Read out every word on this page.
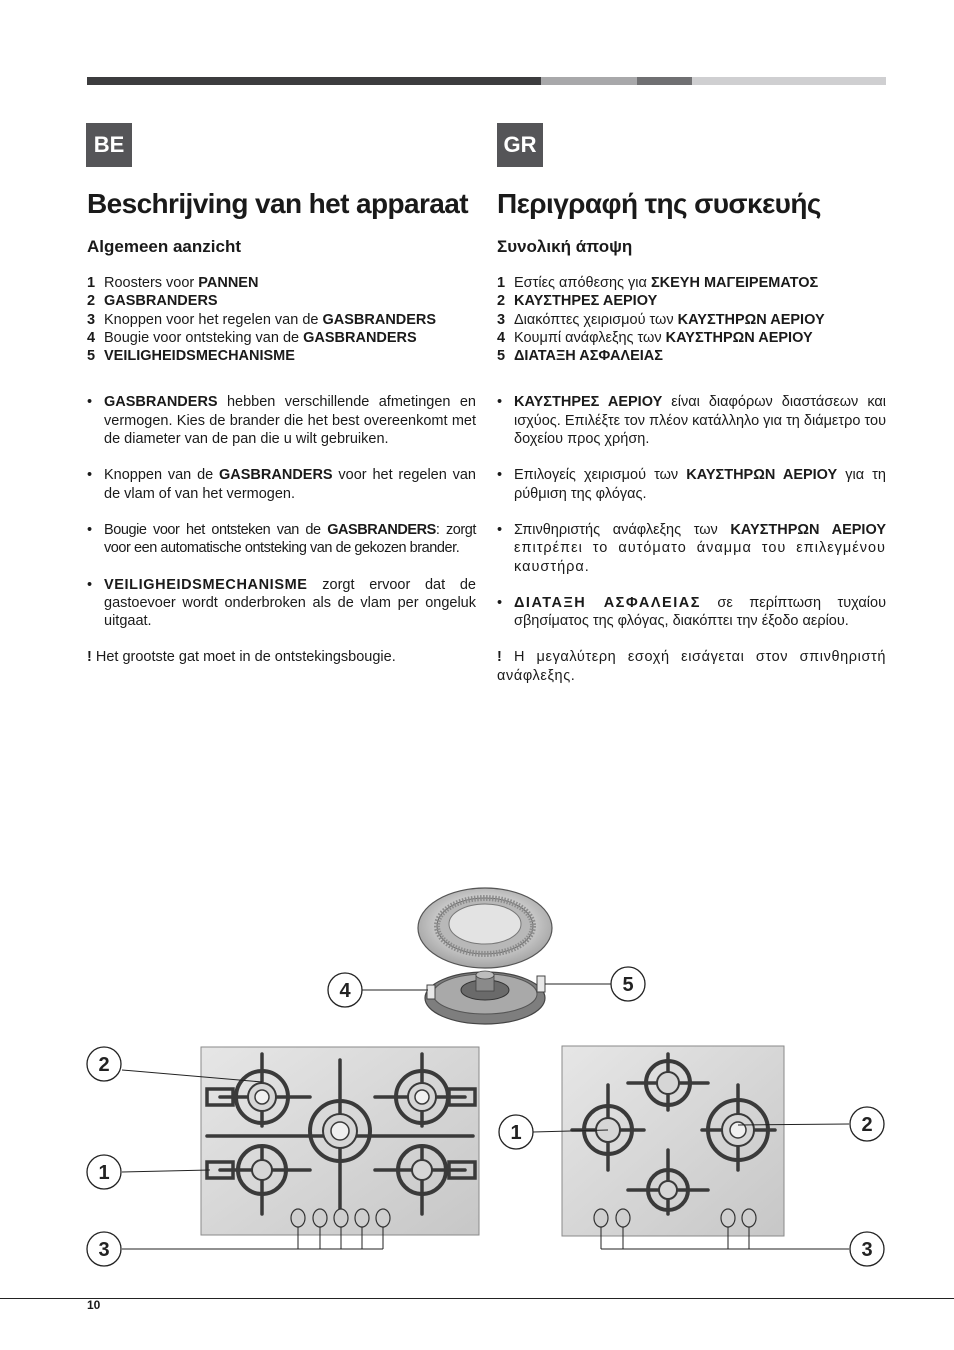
BE	GR
Beschrijving van het apparaat
Algemeen aanzicht
1 Roosters voor PANNEN
2 GASBRANDERS
3 Knoppen voor het regelen van de GASBRANDERS
4 Bougie voor ontsteking van de GASBRANDERS
5 VEILIGHEIDSMECHANISME
• GASBRANDERS hebben verschillende afmetingen en vermogen. Kies de brander die het best overeenkomt met de diameter van de pan die u wilt gebruiken.
• Knoppen van de GASBRANDERS voor het regelen van de vlam of van het vermogen.
• Bougie voor het ontsteken van de GASBRANDERS: zorgt voor een automatische ontsteking van de gekozen brander.
• VEILIGHEIDSMECHANISME zorgt ervoor dat de gastoevoer wordt onderbroken als de vlam per ongeluk uitgaat.

! Het grootste gat moet in de ontstekingsbougie.

Περιγραφή της συσκευής
Συνολική άποψη
1 Εστίες απόθεσης για ΣΚΕΥΗ ΜΑΓΕΙΡΕΜΑΤΟΣ
2 ΚΑΥΣΤΗΡΕΣ ΑΕΡΙΟΥ
3 Διακόπτες χειρισμού των ΚΑΥΣΤΗΡΩΝ ΑΕΡΙΟΥ
4 Κουμπί ανάφλεξης των ΚΑΥΣΤΗΡΩΝ ΑΕΡΙΟΥ
5 ΔΙΑΤΑΞΗ ΑΣΦΑΛΕΙΑΣ
• ΚΑΥΣΤΗΡΕΣ ΑΕΡΙΟΥ είναι διαφόρων διαστάσεων και ισχύος. Επιλέξτε τον πλέον κατάλληλο για τη διάμετρο του δοχείου προς χρήση.
• Επιλογείς χειρισμού των ΚΑΥΣΤΗΡΩΝ ΑΕΡΙΟΥ για τη ρύθμιση της φλόγας.
• Σπινθηριστής ανάφλεξης των ΚΑΥΣΤΗΡΩΝ ΑΕΡΙΟΥ επιτρέπει το αυτόματο άναμμα του επιλεγμένου καυστήρα.
• ΔΙΑΤΑΞΗ ΑΣΦΑΛΕΙΑΣ σε περίπτωση τυχαίου σβησίματος της φλόγας, διακόπτει την έξοδο αερίου.

! Η μεγαλύτερη εσοχή εισάγεται στον σπινθηριστή ανάφλεξης.

4	5
2
1
3
1	2
3
10
